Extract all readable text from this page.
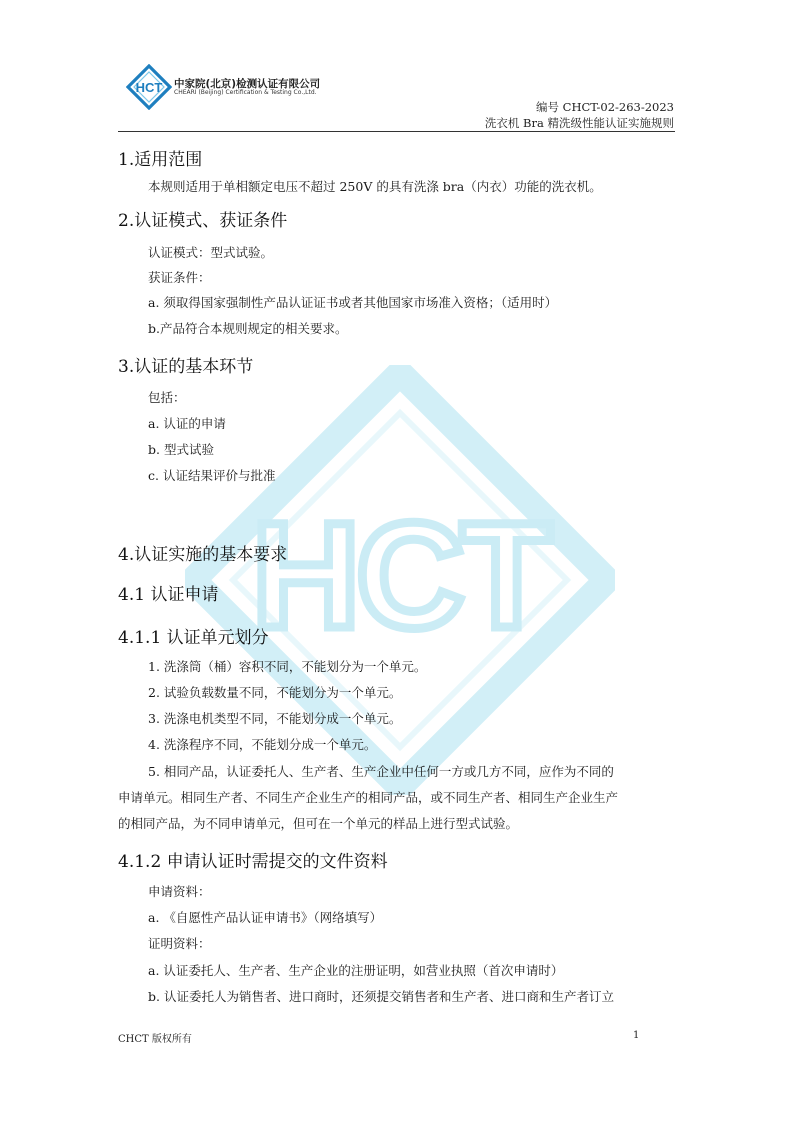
HCT
HCT 中家院(北京)检测认证有限公司
CHEARI (Beijing) Certification & Testing Co.,Ltd.
编号 CHCT-02-263-2023
洗衣机 Bra 精洗级性能认证实施规则
1.适用范围
本规则适用于单相额定电压不超过 250V 的具有洗涤 bra（内衣）功能的洗衣机。
2.认证模式、获证条件
认证模式：型式试验。
获证条件：
a. 须取得国家强制性产品认证证书或者其他国家市场准入资格；（适用时）
b.产品符合本规则规定的相关要求。
3.认证的基本环节
包括：
a. 认证的申请
b. 型式试验
c. 认证结果评价与批准
4.认证实施的基本要求
4.1 认证申请
4.1.1 认证单元划分
1. 洗涤筒（桶）容积不同，不能划分为一个单元。
2. 试验负载数量不同，不能划分为一个单元。
3. 洗涤电机类型不同，不能划分成一个单元。
4. 洗涤程序不同，不能划分成一个单元。
5. 相同产品，认证委托人、生产者、生产企业中任何一方或几方不同，应作为不同的
申请单元。相同生产者、不同生产企业生产的相同产品，或不同生产者、相同生产企业生产
的相同产品，为不同申请单元，但可在一个单元的样品上进行型式试验。
4.1.2 申请认证时需提交的文件资料
申请资料：
a. 《自愿性产品认证申请书》（网络填写）
证明资料：
a. 认证委托人、生产者、生产企业的注册证明，如营业执照（首次申请时）
b. 认证委托人为销售者、进口商时，还须提交销售者和生产者、进口商和生产者订立
CHCT 版权所有	1
